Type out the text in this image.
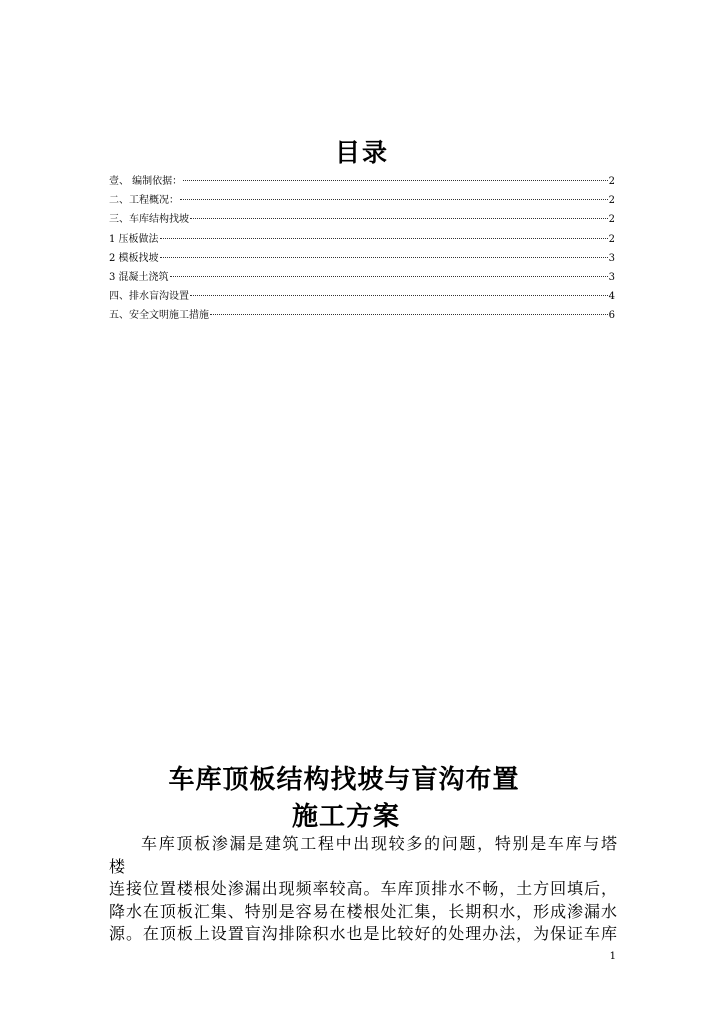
目录
壹、 编制依据：	2
二、工程概况：	2
三、车库结构找坡	2
1 压板做法	2
2 模板找坡	3
3 混凝土浇筑	3
四、排水盲沟设置	4
五、安全文明施工措施	6
车库顶板结构找坡与盲沟布置
施工方案
车库顶板渗漏是建筑工程中出现较多的问题，特别是车库与塔
楼
连接位置楼根处渗漏出现频率较高。车库顶排水不畅，土方回填后，
降水在顶板汇集、特别是容易在楼根处汇集，长期积水，形成渗漏水
源。在顶板上设置盲沟排除积水也是比较好的处理办法，为保证车库
1
